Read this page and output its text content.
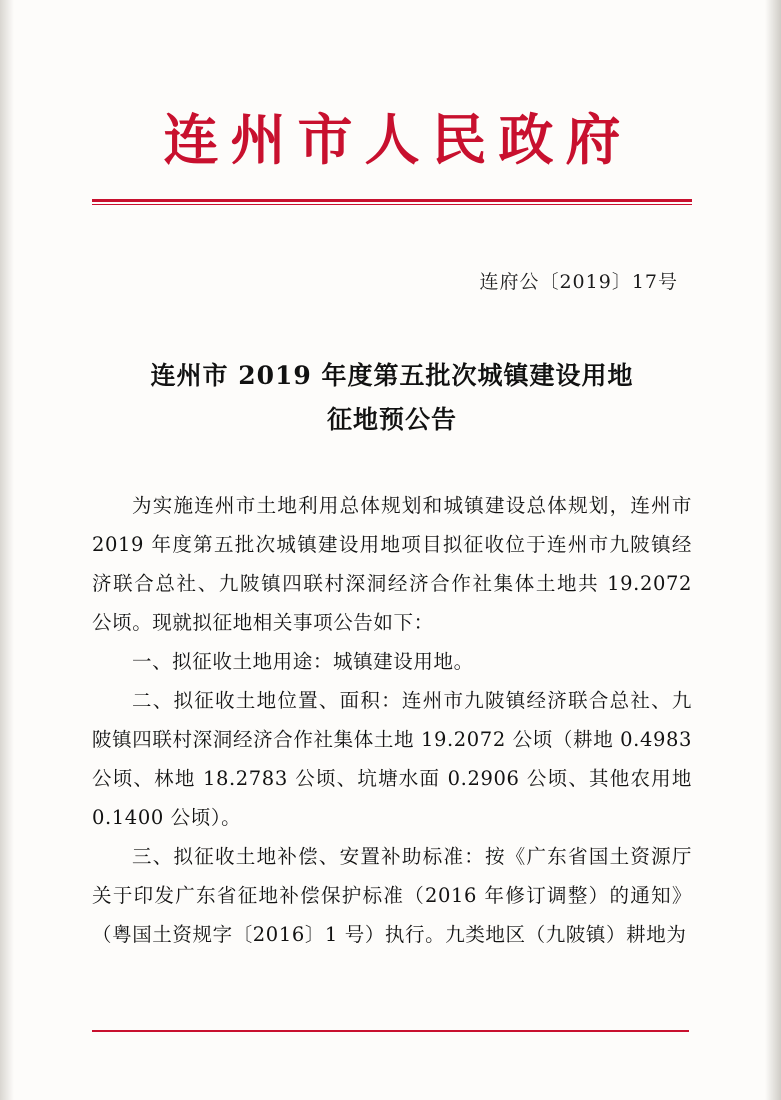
连州市人民政府
连府公〔2019〕17号
连州市 2019 年度第五批次城镇建设用地
征地预公告

为实施连州市土地利用总体规划和城镇建设总体规划，连州市 2019 年度第五批次城镇建设用地项目拟征收位于连州市九陂镇经济联合总社、九陂镇四联村深洞经济合作社集体土地共 19.2072 公顷。现就拟征地相关事项公告如下：

一、拟征收土地用途：城镇建设用地。

二、拟征收土地位置、面积：连州市九陂镇经济联合总社、九陂镇四联村深洞经济合作社集体土地 19.2072 公顷（耕地 0.4983 公顷、林地 18.2783 公顷、坑塘水面 0.2906 公顷、其他农用地 0.1400 公顷）。

三、拟征收土地补偿、安置补助标准：按《广东省国土资源厅关于印发广东省征地补偿保护标准（2016 年修订调整）的通知》（粤国土资规字〔2016〕1 号）执行。九类地区（九陂镇）耕地为
